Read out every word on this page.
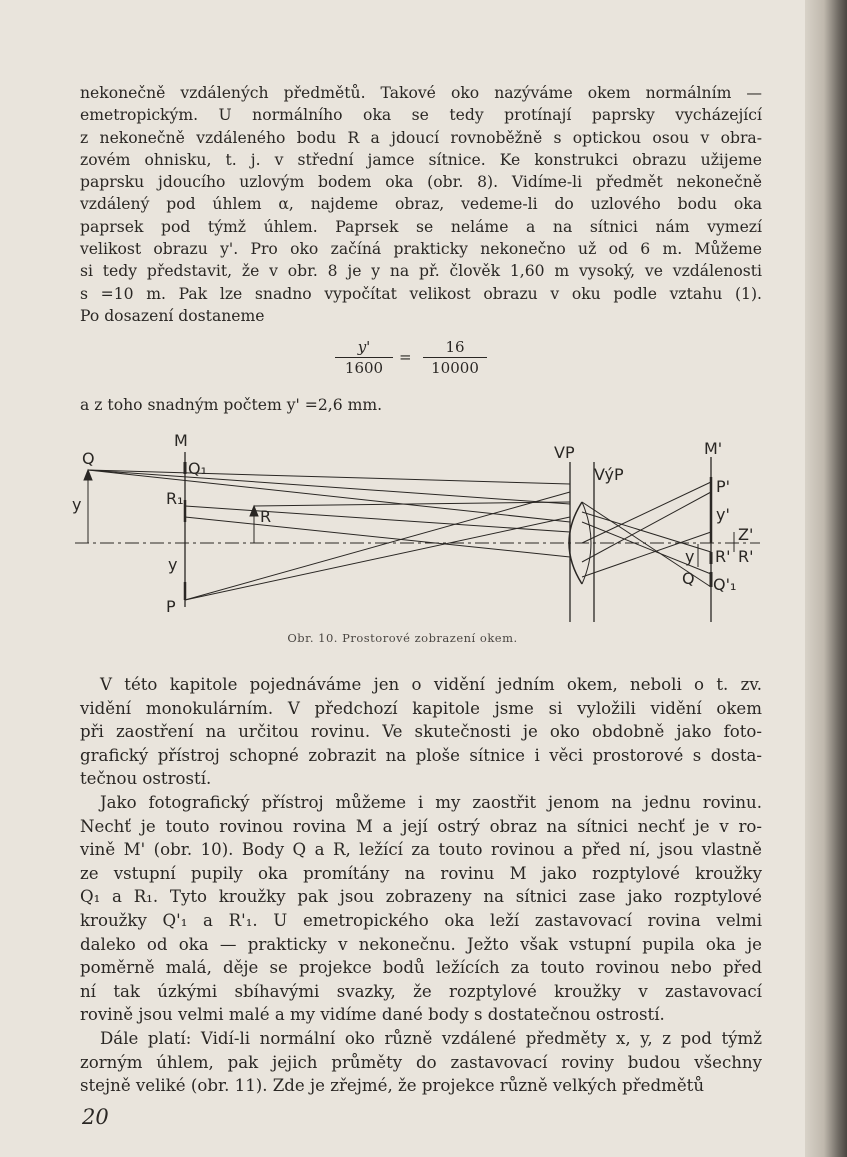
nekonečně vzdálených předmětů. Takové oko nazýváme okem normálním —
emetropickým. U normálního oka se tedy protínají paprsky vycházející
z nekonečně vzdáleného bodu R a jdoucí rovnoběžně s optickou osou v obra-
zovém ohnisku, t. j. v střední jamce sítnice. Ke konstrukci obrazu užijeme
paprsku jdoucího uzlovým bodem oka (obr. 8). Vidíme-li předmět nekonečně
vzdálený pod úhlem α, najdeme obraz, vedeme-li do uzlového bodu oka
paprsek pod týmž úhlem. Paprsek se neláme a na sítnici nám vymezí
velikost obrazu y'. Pro oko začíná prakticky nekonečno už od 6 m. Můžeme
si tedy představit, že v obr. 8 je y na př. člověk 1,60 m vysoký, ve vzdálenosti
s =10 m. Pak lze snadno vypočítat velikost obrazu v oku podle vztahu (1).
Po dosazení dostaneme
$\frac{y'}{1600} = \frac{16}{10000}$
a z toho snadným počtem y' =2,6 mm.
M
Q
Q₁
y	R₁
R
y
P
VP
VýP
M'
P'
y'
Z'
y R' R'
Q Q'₁
Obr. 10. Prostorové zobrazení okem.
V této kapitole pojednáváme jen o vidění jedním okem, neboli o t. zv.
vidění monokulárním. V předchozí kapitole jsme si vyložili vidění okem
při zaostření na určitou rovinu. Ve skutečnosti je oko obdobně jako foto-
grafický přístroj schopné zobrazit na ploše sítnice i věci prostorové s dosta-
tečnou ostrostí.
Jako fotografický přístroj můžeme i my zaostřit jenom na jednu rovinu.
Nechť je touto rovinou rovina M a její ostrý obraz na sítnici nechť je v ro-
vině M' (obr. 10). Body Q a R, ležící za touto rovinou a před ní, jsou vlastně
ze vstupní pupily oka promítány na rovinu M jako rozptylové kroužky
Q₁ a R₁. Tyto kroužky pak jsou zobrazeny na sítnici zase jako rozptylové
kroužky Q'₁ a R'₁. U emetropického oka leží zastavovací rovina velmi
daleko od oka — prakticky v nekonečnu. Ježto však vstupní pupila oka je
poměrně malá, děje se projekce bodů ležících za touto rovinou nebo před
ní tak úzkými sbíhavými svazky, že rozptylové kroužky v zastavovací
rovině jsou velmi malé a my vidíme dané body s dostatečnou ostrostí.
Dále platí: Vidí-li normální oko různě vzdálené předměty x, y, z pod týmž
zorným úhlem, pak jejich průměty do zastavovací roviny budou všechny
stejně veliké (obr. 11). Zde je zřejmé, že projekce různě velkých předmětů
20
